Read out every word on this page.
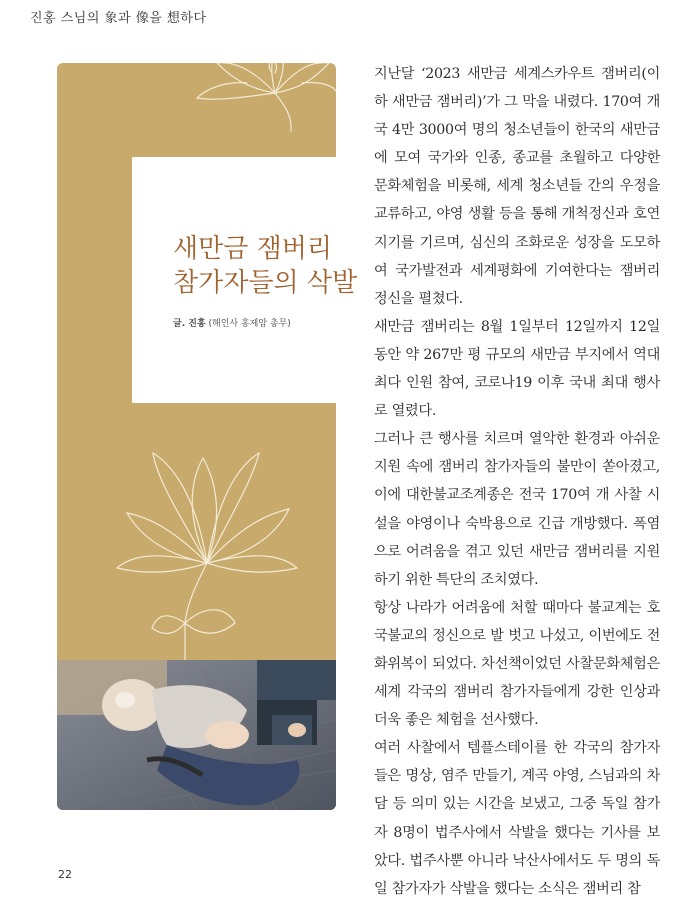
진홍 스님의 象과 像을 想하다
새만금 잼버리
참가자들의 삭발
글. 진홍 (해인사 홍제암 총무)

지난달 ‘2023 새만금 세계스카우트 잼버리(이하 새만금 잼버리)’가 그 막을 내렸다. 170여 개국 4만 3000여 명의 청소년들이 한국의 새만금에 모여 국가와 인종, 종교를 초월하고 다양한 문화체험을 비롯해, 세계 청소년들 간의 우정을 교류하고, 야영 생활 등을 통해 개척정신과 호연지기를 기르며, 심신의 조화로운 성장을 도모하여 국가발전과 세계평화에 기여한다는 잼버리 정신을 펼쳤다.

새만금 잼버리는 8월 1일부터 12일까지 12일 동안 약 267만 평 규모의 새만금 부지에서 역대 최다 인원 참여, 코로나19 이후 국내 최대 행사로 열렸다.

그러나 큰 행사를 치르며 열악한 환경과 아쉬운 지원 속에 잼버리 참가자들의 불만이 쏟아졌고, 이에 대한불교조계종은 전국 170여 개 사찰 시설을 야영이나 숙박용으로 긴급 개방했다. 폭염으로 어려움을 겪고 있던 새만금 잼버리를 지원하기 위한 특단의 조치였다.

항상 나라가 어려움에 처할 때마다 불교계는 호국불교의 정신으로 발 벗고 나섰고, 이번에도 전화위복이 되었다. 차선책이었던 사찰문화체험은 세계 각국의 잼버리 참가자들에게 강한 인상과 더욱 좋은 체험을 선사했다.

여러 사찰에서 템플스테이를 한 각국의 참가자들은 명상, 염주 만들기, 계곡 야영, 스님과의 차담 등 의미 있는 시간을 보냈고, 그중 독일 참가자 8명이 법주사에서 삭발을 했다는 기사를 보았다. 법주사뿐 아니라 낙산사에서도 두 명의 독일 참가자가 삭발을 했다는 소식은 잼버리 참

22
